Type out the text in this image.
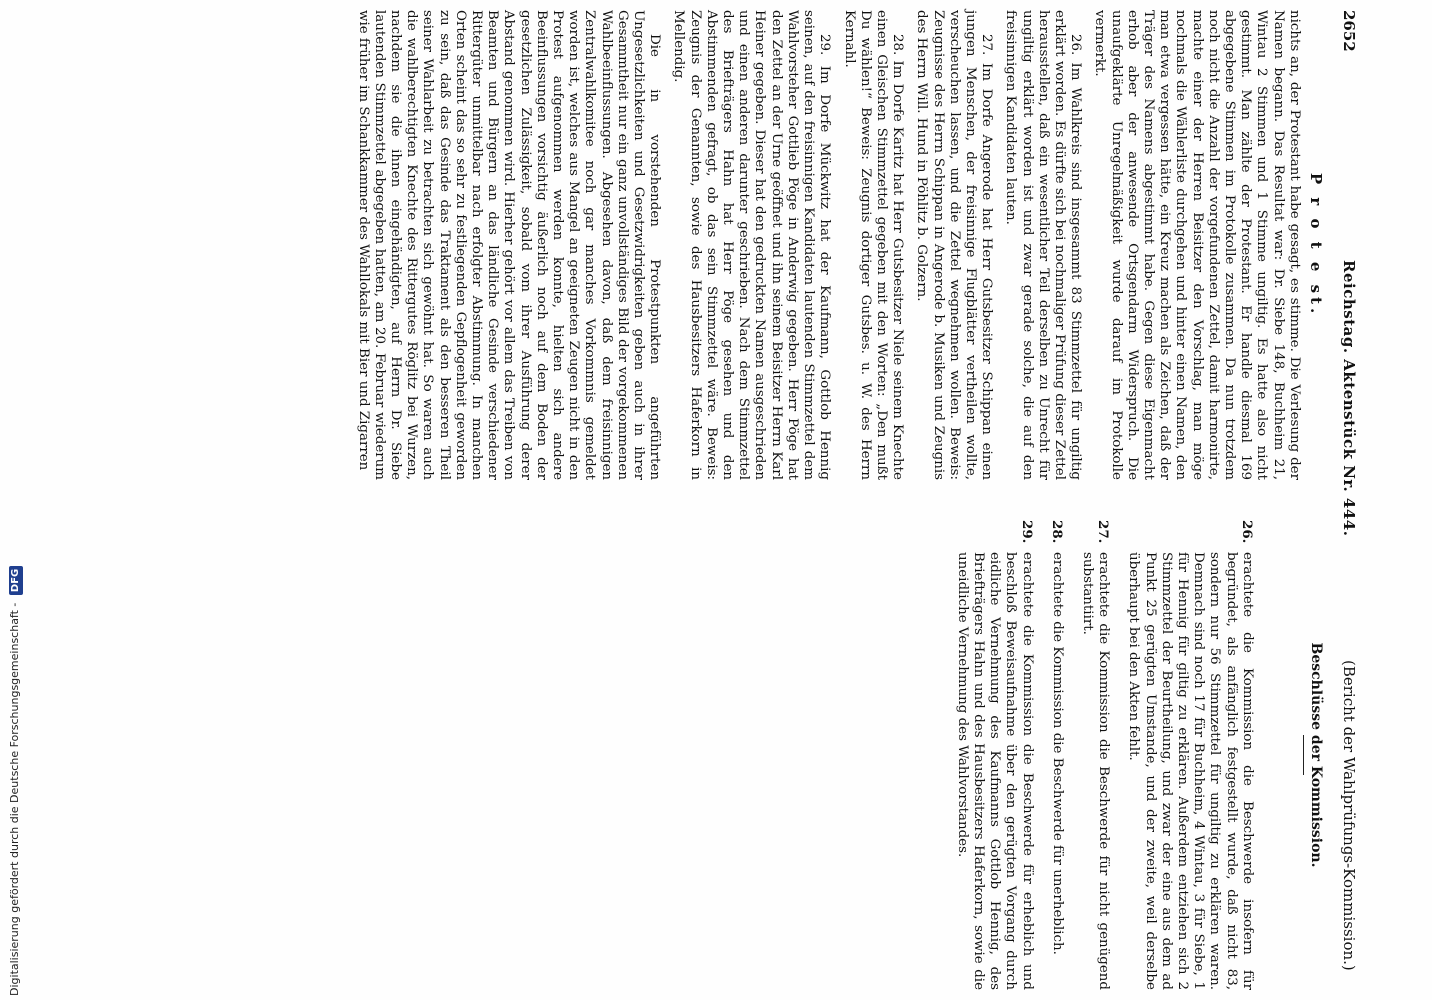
2652
Reichstag. Aktenstück Nr. 444.
(Bericht der Wahlprüfungs-Kommission.)
P r o t e st.

nichts an, der Protestant habe gesagt, es stimme. Die Verlesung der Namen begann. Das Resultat war: Dr. Siebe 148, Buchheim 21, Wintau 2 Stimmen und 1 Stimme ungiltig. Es hatte also nicht gestimmt. Man zählte der Protestant. Er handle diesmal 169 abgegebene Stimmen im Protokolle zusammen. Da nun trotzdem noch nicht die Anzahl der vorgefundenen Zettel, damit harmonirte, machte einer der Herren Beisitzer den Vorschlag, man möge nochmals die Wählerliste durchgehen und hinter einen Namen, den man etwa vergessen hätte, ein Kreuz machen als Zeichen, daß der Träger des Namens abgestimmt habe. Gegen diese Eigenmacht erhob aber der anwesende Ortsgendarm Widerspruch. Die unaufgeklärte Unregelmäßigkeit wurde darauf im Protokolle vermerkt.

26. Im Wahlkreis sind insgesammt 83 Stimmzettel für ungiltig erklärt worden. Es dürfte sich bei nochmaliger Prüfung dieser Zettel herausstellen, daß ein wesentlicher Teil derselben zu Unrecht für ungiltig erklärt worden ist und zwar gerade solche, die auf den freisinnigen Kandidaten lauten.

27. Im Dorfe Angerode hat Herr Gutsbesitzer Schippan einen jungen Menschen, der freisinnige Flugblätter vertheilen wollte, verscheuchen lassen, und die Zettel wegnehmen wollen. Beweis: Zeugnisse des Herrn Schippan in Angerode b. Musiken und Zeugnis des Herrn Will. Hund in Pöhlitz b. Golzern.

28. Im Dorfe Karitz hat Herr Gutsbesitzer Niele seinem Knechte einen Gleischen Stimmzettel gegeben mit den Worten: „Den mußt Du wählen!“ Beweis: Zeugnis dortiger Gutsbes. u. W. des Herrn Kernahl.

29. Im Dorfe Mückwitz hat der Kaufmann, Gottlob Hennig seinen, auf den freisinnigen Kandidaten lautenden Stimmzettel dem Wahlvorsteher Gottlieb Pöge in Anderwig gegeben. Herr Pöge hat den Zettel an der Urne geöffnet und ihn seinem Beisitzer Herrn Karl Heiner gegeben. Dieser hat den gedruckten Namen ausgeschrieden und einen anderen darunter geschrieben. Nach dem Stimmzettel des Briefträgers Hahn hat Herr Pöge gesehen und den Abstimmenden gefragt, ob das sein Stimmzettel wäre. Beweis: Zeugnis der Genannten, sowie des Hausbesitzers Haferkorn in Mellendig.

Die in vorstehenden Protestpunkten angeführten Ungesetzlichkeiten und Gesetzwidrigkeiten geben auch in ihrer Gesammtheit nur ein ganz unvollständiges Bild der vorgekommenen Wahlbeeinflussungen. Abgesehen davon, daß dem freisinnigen Zentralwahlkomitee noch gar manches Vorkommnis gemeldet worden ist, welches aus Mangel an geeigneten Zeugen nicht in den Protest aufgenommen werden konnte, hielten sich andere Beeinflussungen vorsichtig äußerlich noch auf dem Boden der gesetzlichen Zulässigkeit, sobald vom ihrer Ausführung derer Abstand genommen wird. Hierher gehört vor allem das Treiben von Beamten und Bürgern an das ländliche Gesinde verschiedener Rittergüter unmittelbar nach erfolgter Abstimmung. In manchen Orten scheint das so sehr zu festliegenden Gepflogenheit geworden zu sein, daß das Gesinde das Traktament als den besseren Theil seiner Wahlarbeit zu betrachten sich gewöhnt hat. So waren auch die wahlberechtigten Knechte des Rittergutes Röglitz bei Wurzen, nachdem sie die ihnen eingehändigten, auf Herrn Dr. Siebe lautenden Stimmzettel abgegeben hatten, am 20. Februar wiederum wie früher im Schankkammer des Wahllokals mit Bier und Zigarren

Beschlüsse der Kommission.
26.
erachtete die Kommission die Beschwerde insofern für begründet, als anfänglich festgestellt wurde, daß nicht 83, sondern nur 56 Stimmzettel für ungiltig zu erklären waren. Demnach sind noch 17 für Buchheim, 4 Wintau, 3 für Siebe, 1 für Hennig für giltig zu erklären. Außerdem entziehen sich 2 Stimmzettel der Beurtheilung, und zwar der eine aus dem ad Punkt 25 gerügten Umstande, und der zweite, weil derselbe überhaupt bei den Akten fehlt.
27.
erachtete die Kommission die Beschwerde für nicht genügend substantiirt.
28.
erachtete die Kommission die Beschwerde für unerheblich.
29.
erachtete die Kommission die Beschwerde für erheblich und beschloß Beweisaufnahme über den gerügten Vorgang durch eidliche Vernehmung des Kaufmanns Gottlob Hennig, des Briefträgers Hahn und des Hausbesitzers Haferkorn, sowie die uneidliche Vernehmung des Wahlvorstandes.
Digitalisierung gefördert durch die Deutsche Forschungsgemeinschaft - DFG
